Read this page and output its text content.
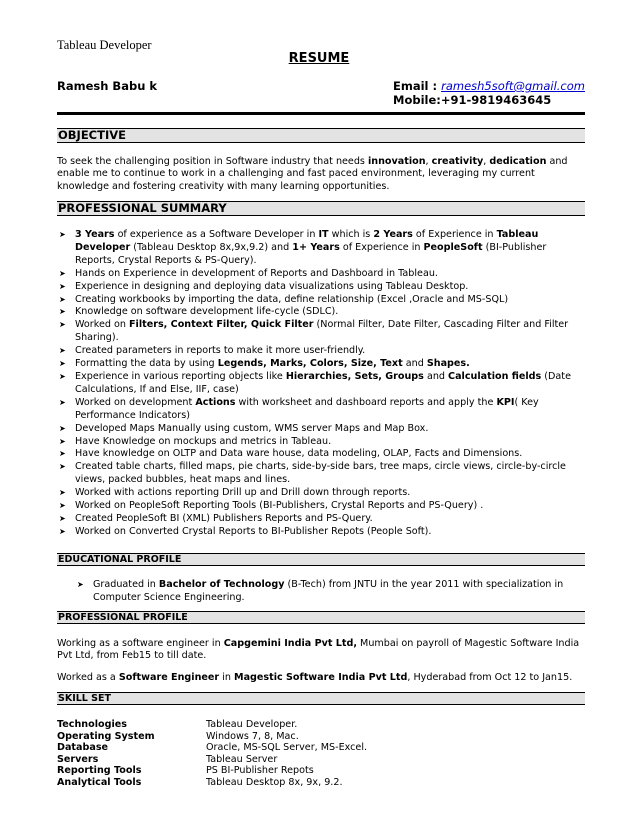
Tableau Developer
RESUME
Ramesh Babu k	Email : ramesh5soft@gmail.com
Mobile:+91-9819463645
OBJECTIVE
To seek the challenging position in Software industry that needs innovation, creativity, dedication and enable me to continue to work in a challenging and fast paced environment, leveraging my current knowledge and fostering creativity with many learning opportunities.
PROFESSIONAL SUMMARY
➤ 3 Years of experience as a Software Developer in IT which is 2 Years of Experience in Tableau Developer (Tableau Desktop 8x,9x,9.2) and 1+ Years of Experience in PeopleSoft (BI-Publisher Reports, Crystal Reports & PS-Query).
➤ Hands on Experience in development of Reports and Dashboard in Tableau.
➤ Experience in designing and deploying data visualizations using Tableau Desktop.
➤ Creating workbooks by importing the data, define relationship (Excel ,Oracle and MS-SQL)
➤ Knowledge on software development life-cycle (SDLC).
➤ Worked on Filters, Context Filter, Quick Filter (Normal Filter, Date Filter, Cascading Filter and Filter Sharing).
➤ Created parameters in reports to make it more user-friendly.
➤ Formatting the data by using Legends, Marks, Colors, Size, Text and Shapes.
➤ Experience in various reporting objects like Hierarchies, Sets, Groups and Calculation fields (Date Calculations, If and Else, IIF, case)
➤ Worked on development Actions with worksheet and dashboard reports and apply the KPI( Key Performance Indicators)
➤ Developed Maps Manually using custom, WMS server Maps and Map Box.
➤ Have Knowledge on mockups and metrics in Tableau.
➤ Have knowledge on OLTP and Data ware house, data modeling, OLAP, Facts and Dimensions.
➤ Created table charts, filled maps, pie charts, side-by-side bars, tree maps, circle views, circle-by-circle views, packed bubbles, heat maps and lines.
➤ Worked with actions reporting Drill up and Drill down through reports.
➤ Worked on PeopleSoft Reporting Tools (BI-Publishers, Crystal Reports and PS-Query) .
➤ Created PeopleSoft BI (XML) Publishers Reports and PS-Query.
➤ Worked on Converted Crystal Reports to BI-Publisher Repots (People Soft).
EDUCATIONAL PROFILE
➤ Graduated in Bachelor of Technology (B-Tech) from JNTU in the year 2011 with specialization in Computer Science Engineering.
PROFESSIONAL PROFILE
Working as a software engineer in Capgemini India Pvt Ltd, Mumbai on payroll of Magestic Software India Pvt Ltd, from Feb15 to till date.
Worked as a Software Engineer in Magestic Software India Pvt Ltd, Hyderabad from Oct 12 to Jan15.
SKILL SET
Technologies	Tableau Developer.
Operating System	Windows 7, 8, Mac.
Database	Oracle, MS-SQL Server, MS-Excel.
Servers	Tableau Server
Reporting Tools	PS BI-Publisher Repots
Analytical Tools	Tableau Desktop 8x, 9x, 9.2.
